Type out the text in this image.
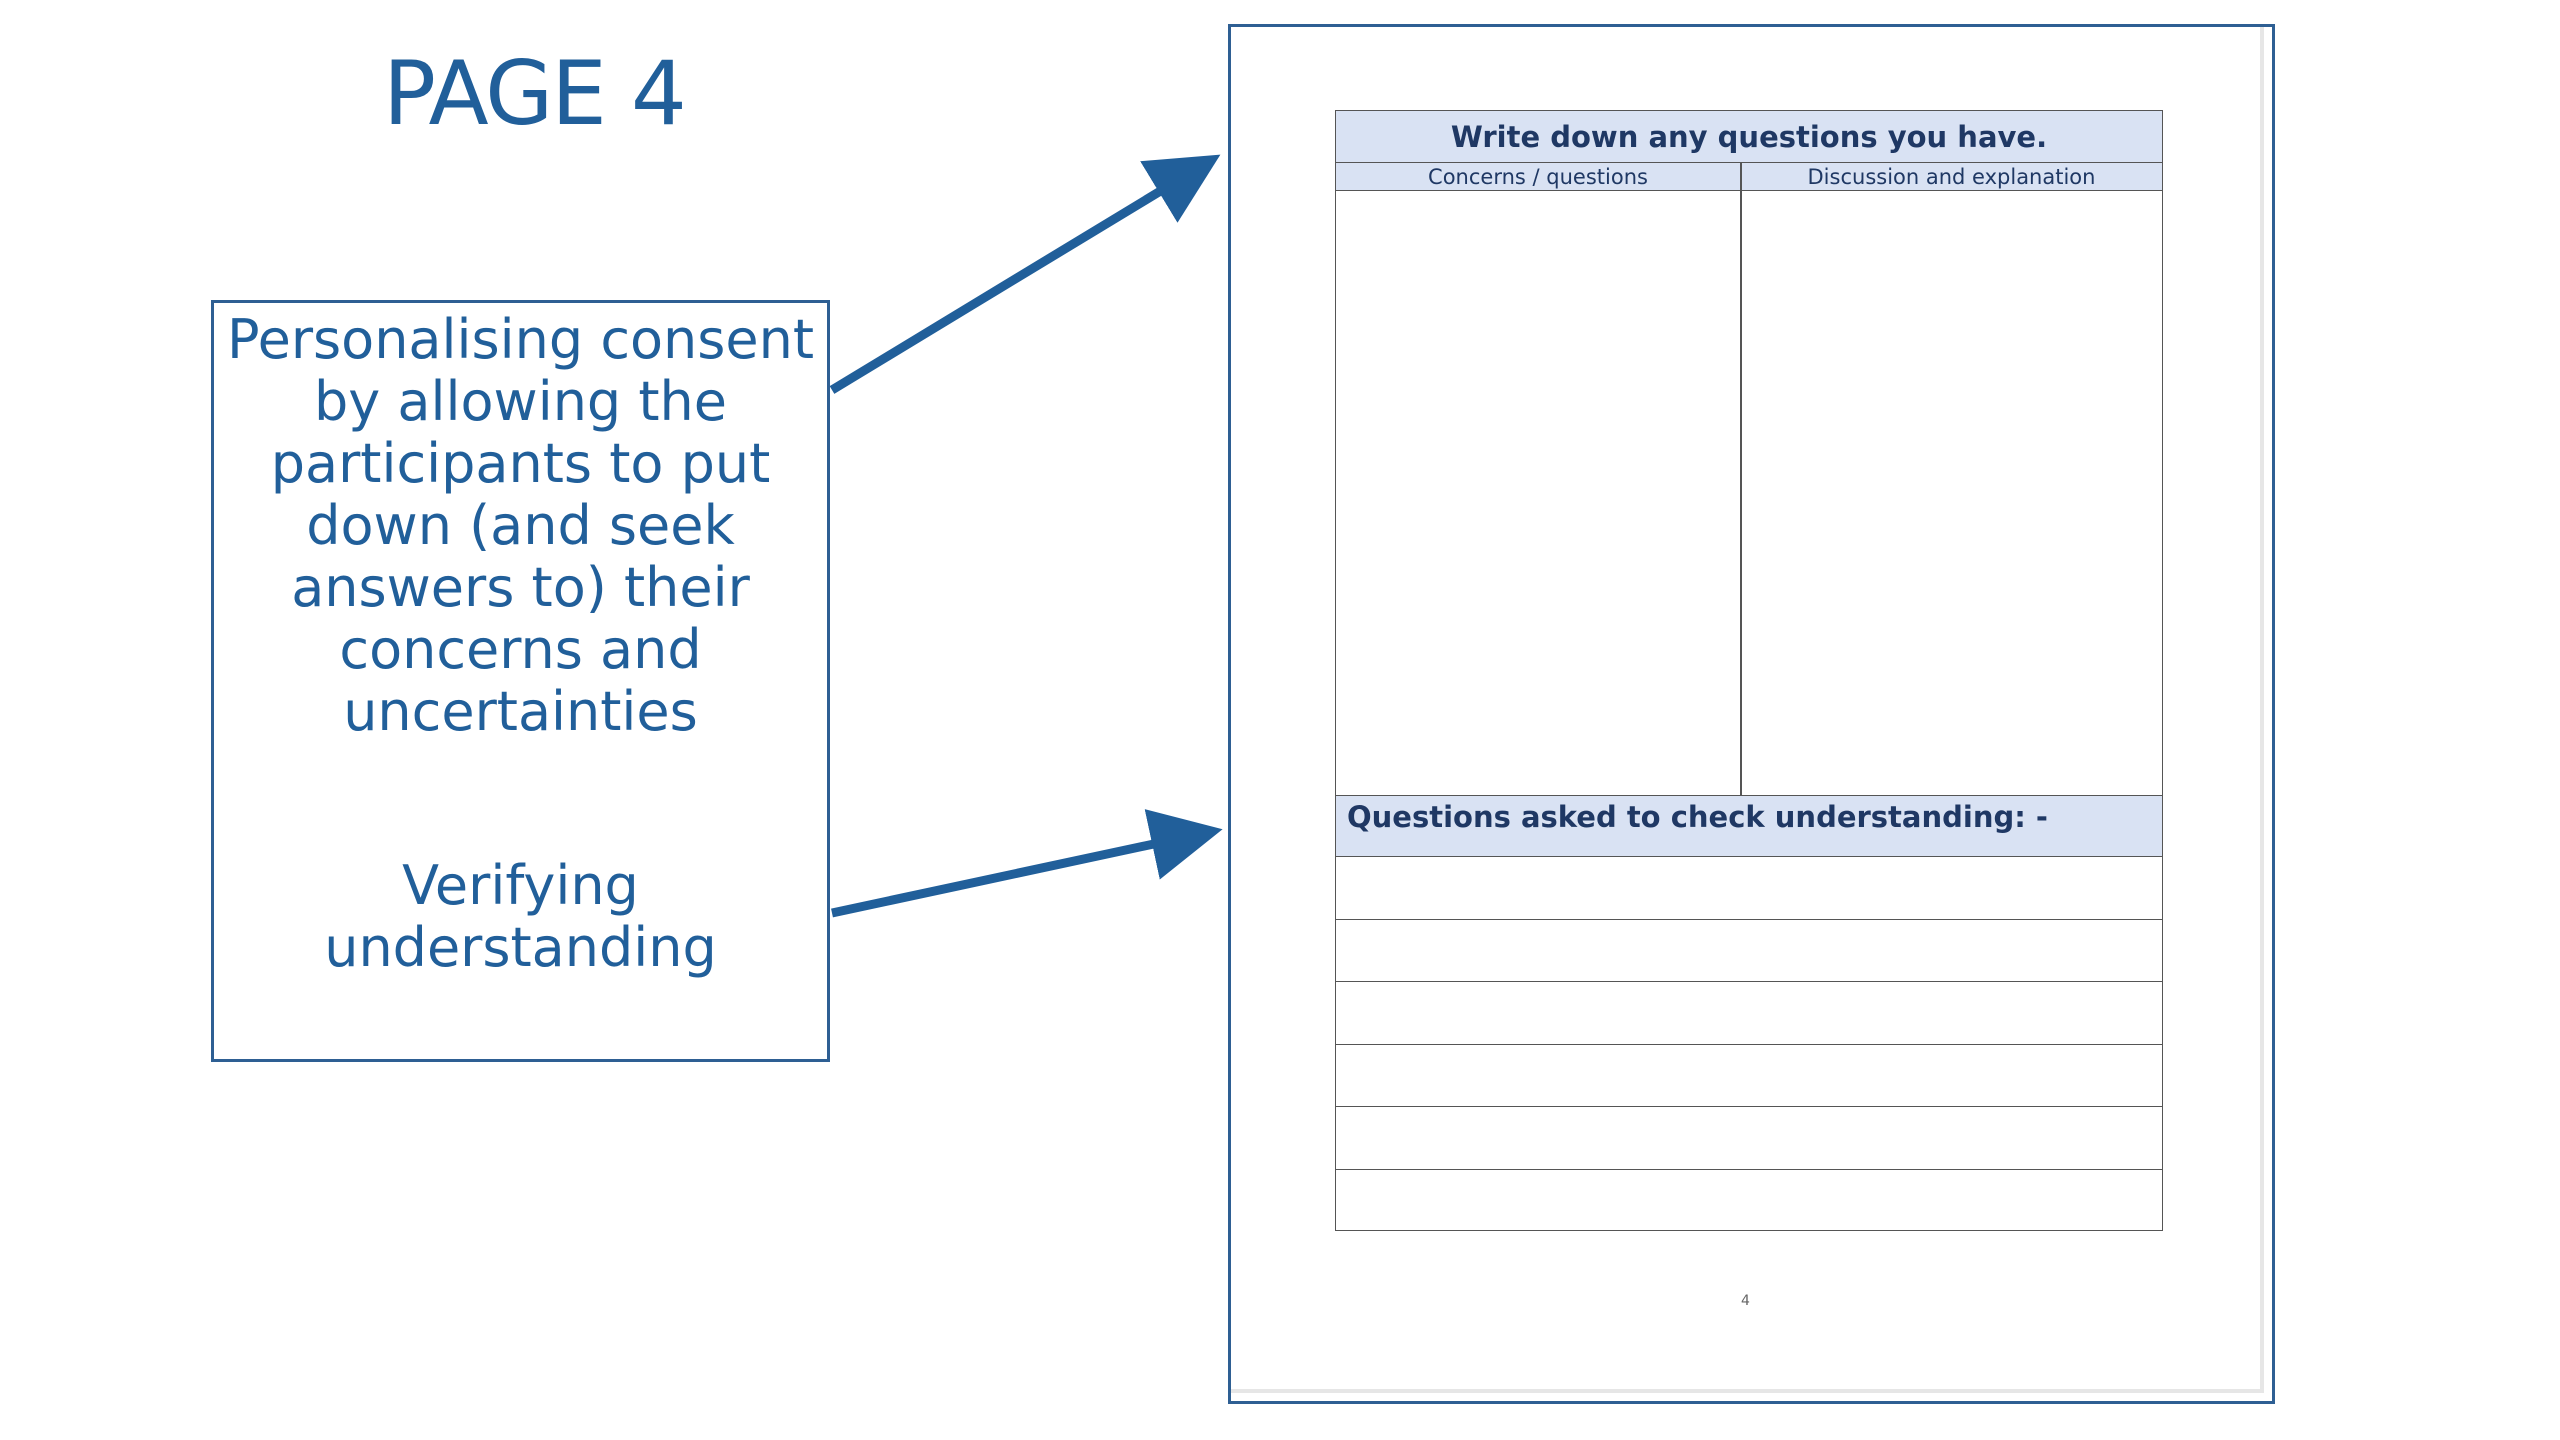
PAGE 4
Personalising consent by allowing the participants to put down (and seek answers to) their concerns and uncertainties
Verifying understanding
Write down any questions you have.
Concerns / questions	Discussion and explanation
Questions asked to check understanding: -
4
